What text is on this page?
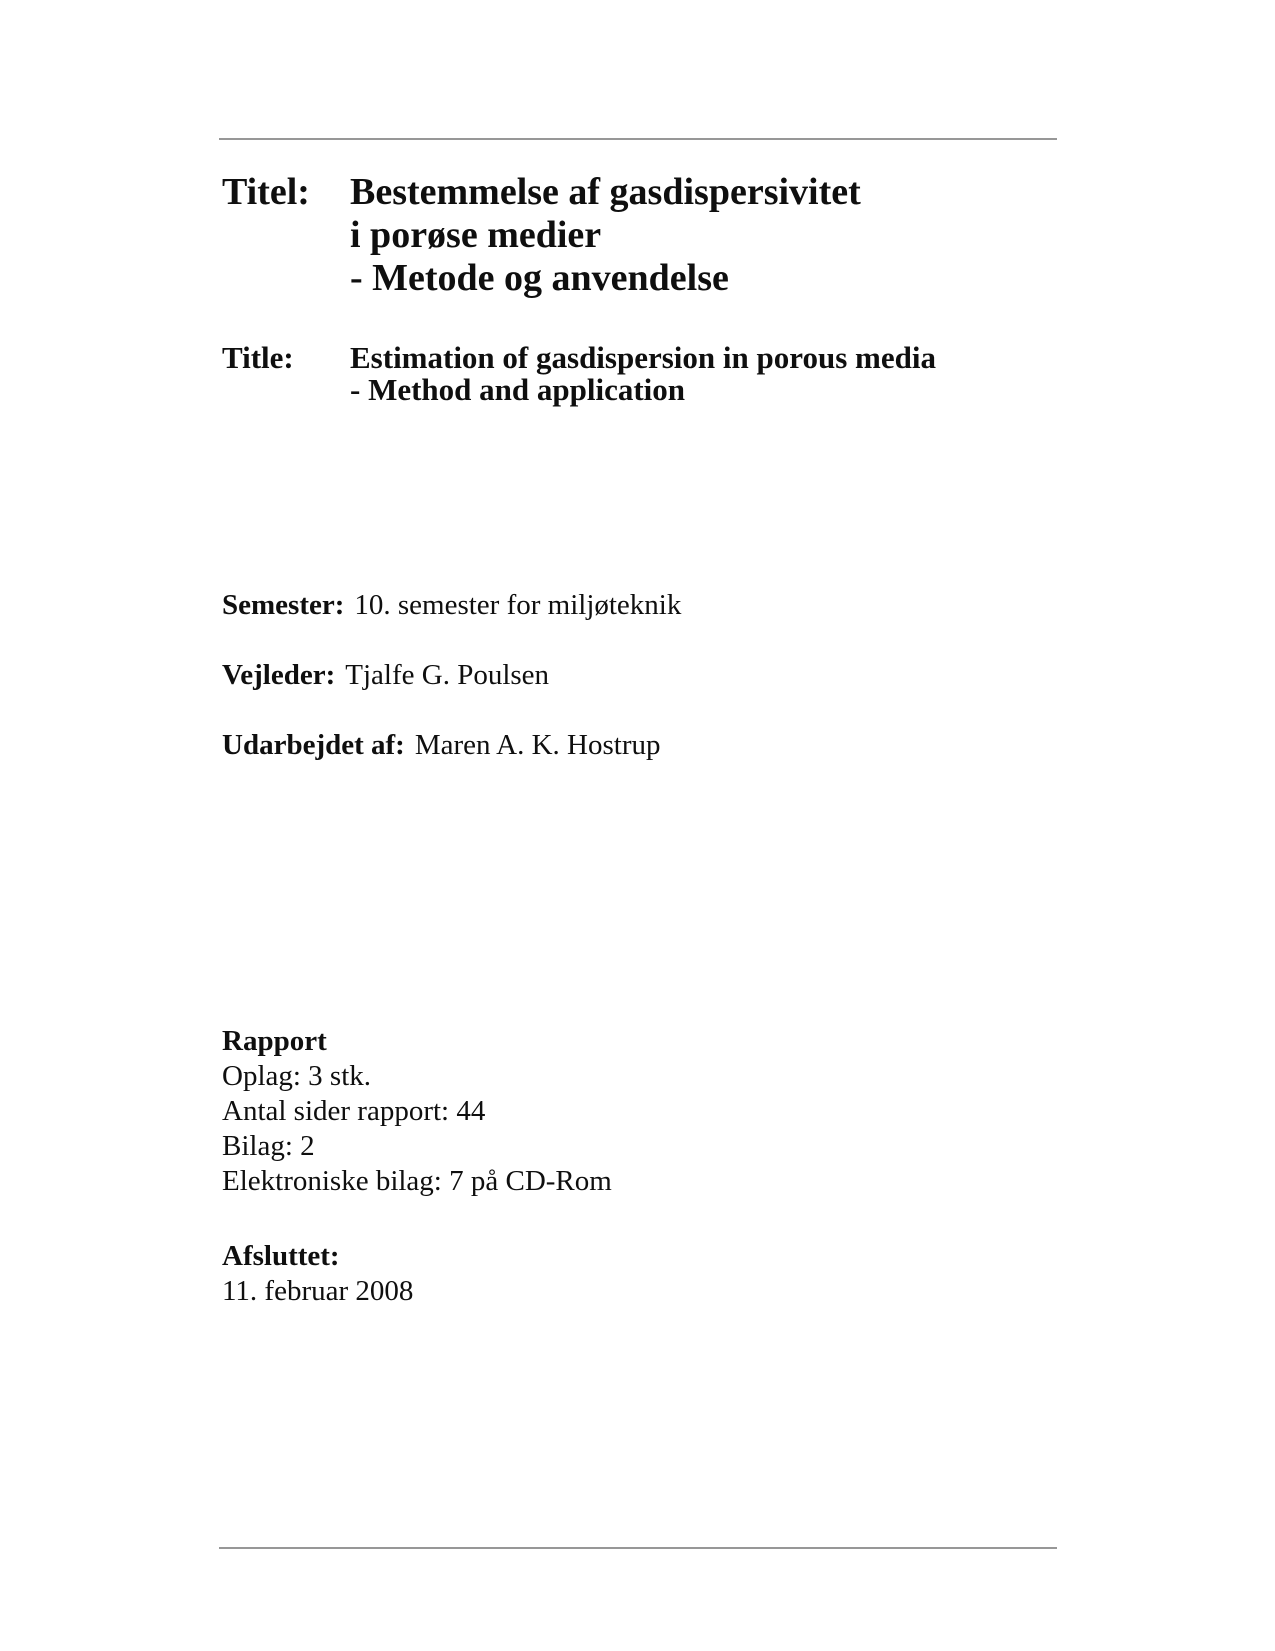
Titel:	Bestemmelse af gasdispersivitet
i porøse medier
- Metode og anvendelse
Title:	Estimation of gasdispersion in porous media
- Method and application

Semester: 10. semester for miljøteknik

Vejleder: Tjalfe G. Poulsen

Udarbejdet af: Maren A. K. Hostrup

Rapport
Oplag: 3 stk.
Antal sider rapport: 44
Bilag: 2
Elektroniske bilag: 7 på CD-Rom
Afsluttet:
11. februar 2008
